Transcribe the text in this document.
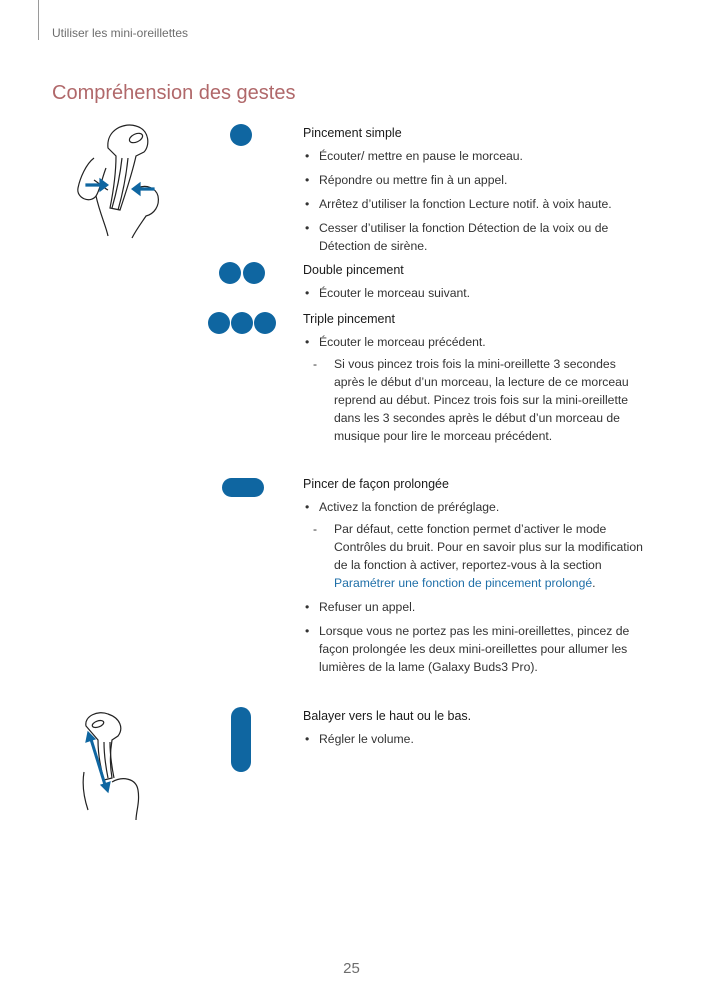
Utiliser les mini-oreillettes
Compréhension des gestes

Pincement simple

• Écouter/ mettre en pause le morceau.
• Répondre ou mettre fin à un appel.
• Arrêtez d’utiliser la fonction Lecture notif. à voix haute.
• Cesser d’utiliser la fonction Détection de la voix ou de Détection de sirène.

Double pincement

• Écouter le morceau suivant.

Triple pincement

• Écouter le morceau précédent.
- Si vous pincez trois fois la mini-oreillette 3 secondes après le début d’un morceau, la lecture de ce morceau reprend au début. Pincez trois fois sur la mini-oreillette dans les 3 secondes après le début d’un morceau de musique pour lire le morceau précédent.

Pincer de façon prolongée

• Activez la fonction de préréglage.
- Par défaut, cette fonction permet d’activer le mode Contrôles du bruit. Pour en savoir plus sur la modification de la fonction à activer, reportez-vous à la section Paramétrer une fonction de pincement prolongé.
• Refuser un appel.
• Lorsque vous ne portez pas les mini-oreillettes, pincez de façon prolongée les deux mini-oreillettes pour allumer les lumières de la lame (Galaxy Buds3 Pro).

Balayer vers le haut ou le bas.

• Régler le volume.
25
